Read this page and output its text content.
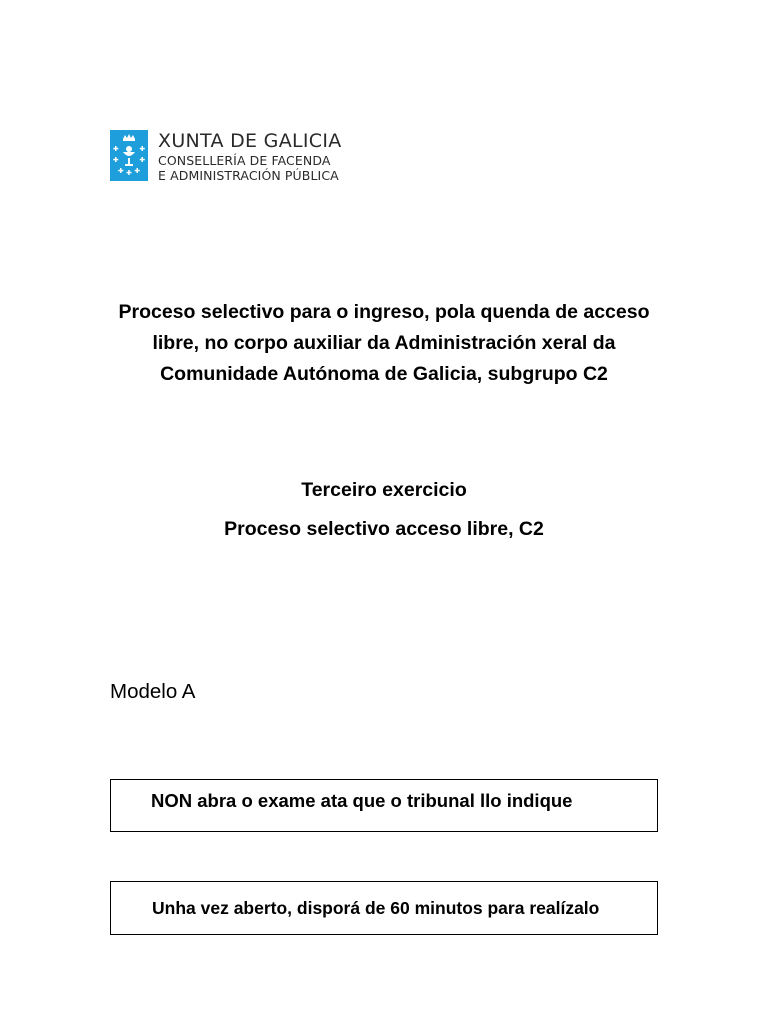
XUNTA DE GALICIA
CONSELLERÍA DE FACENDA
E ADMINISTRACIÓN PÚBLICA
Proceso selectivo para o ingreso, pola quenda de acceso
libre, no corpo auxiliar da Administración xeral da
Comunidade Autónoma de Galicia, subgrupo C2
Terceiro exercicio
Proceso selectivo acceso libre, C2
Modelo A
NON abra o exame ata que o tribunal llo indique
Unha vez aberto, disporá de 60 minutos para realízalo
